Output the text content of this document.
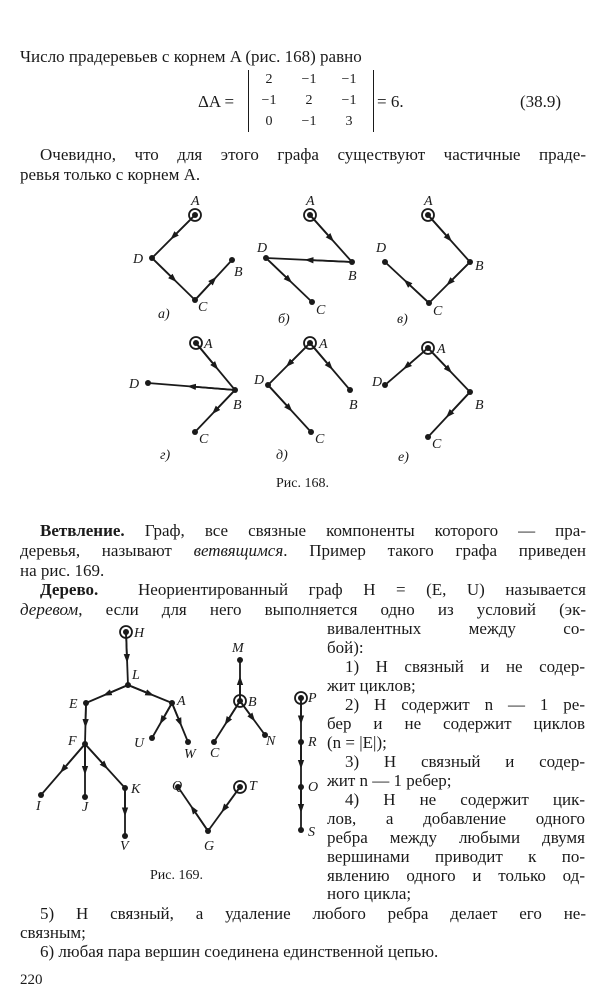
Число прадеревьев с корнем A (рис. 168) равно
ΔA =
2	−1 −1
−1	2	−1
0	−1	3
= 6.	(38.9)
Очевидно, что для этого графа существуют частичные праде-
ревья только с корнем A.
A
B
C
D
а)
A
B
C
D
б)
A
B
C
D
в)
A
B
C
D
г)
A
B
C
D
д)
A
B
C
D
е)
Рис. 168.
Ветвление. Граф, все связные компоненты которого — пра-
деревья, называют ветвящимся. Пример такого графа приведен
на рис. 169.
Дерево. Неориентированный граф H = (E, U) называется
деревом, если для него выполняется одно из условий (эк-
вивалентных    между    со-
бой):
1) H связный и не содер-
жит циклов;
2) H содержит n — 1 ре-
бер и не содержит циклов
(n = |E|);
3) H связный и содер-
жит n — 1 ребер;
4) H не содержит цик-
лов, а добавление одного
ребра между любыми двумя
вершинами приводит к по-
явлению одного и только од-
ного цикла;
H
L
E	A
F	U
W
I	J
K
V
M
B
C
N
Q	T
G
P
R
O
S
Рис. 169.
5) H связный, а удаление любого ребра делает его не-
связным;
6) любая пара вершин соединена единственной цепью.
220
